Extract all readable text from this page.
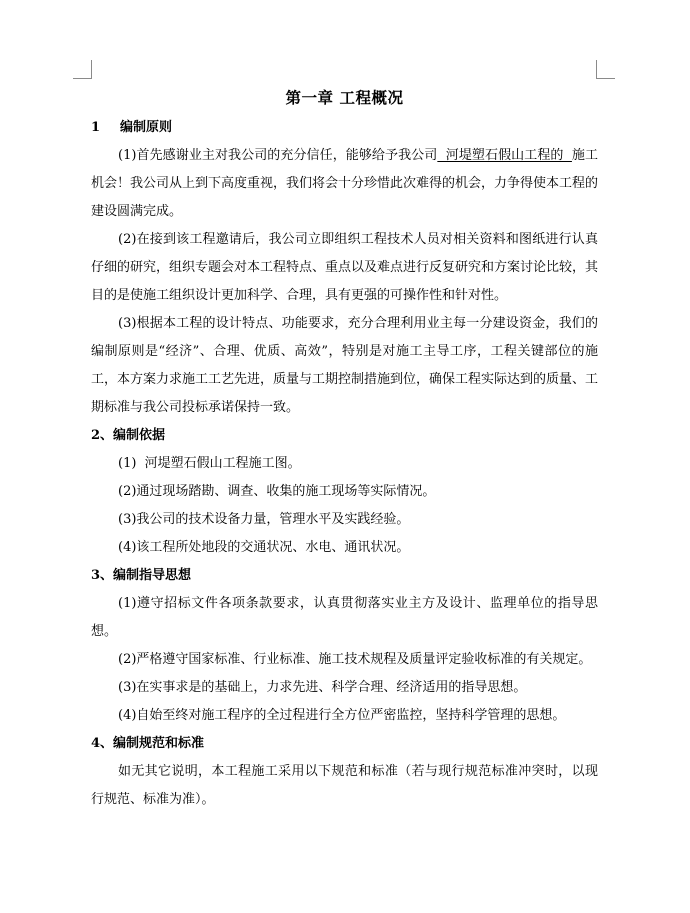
第一章 工程概况

1 编制原则

(1)首先感谢业主对我公司的充分信任，能够给予我公司  河堤塑石假山工程的  施工机会！我公司从上到下高度重视，我们将会十分珍惜此次难得的机会，力争得使本工程的建设圆满完成。

(2)在接到该工程邀请后，我公司立即组织工程技术人员对相关资料和图纸进行认真仔细的研究，组织专题会对本工程特点、重点以及难点进行反复研究和方案讨论比较，其目的是使施工组织设计更加科学、合理，具有更强的可操作性和针对性。

(3)根据本工程的设计特点、功能要求，充分合理利用业主每一分建设资金，我们的编制原则是“经济”、合理、优质、高效”，特别是对施工主导工序，工程关键部位的施工，本方案力求施工工艺先进，质量与工期控制措施到位，确保工程实际达到的质量、工期标准与我公司投标承诺保持一致。

2、编制依据

(1)  河堤塑石假山工程施工图。

(2)通过现场踏勘、调查、收集的施工现场等实际情况。

(3)我公司的技术设备力量，管理水平及实践经验。

(4)该工程所处地段的交通状况、水电、通讯状况。

3、编制指导思想

(1)遵守招标文件各项条款要求，认真贯彻落实业主方及设计、监理单位的指导思想。

(2)严格遵守国家标准、行业标准、施工技术规程及质量评定验收标准的有关规定。

(3)在实事求是的基础上，力求先进、科学合理、经济适用的指导思想。

(4)自始至终对施工程序的全过程进行全方位严密监控，坚持科学管理的思想。

4、编制规范和标准

如无其它说明，本工程施工采用以下规范和标准（若与现行规范标准冲突时，以现行规范、标准为准）。
